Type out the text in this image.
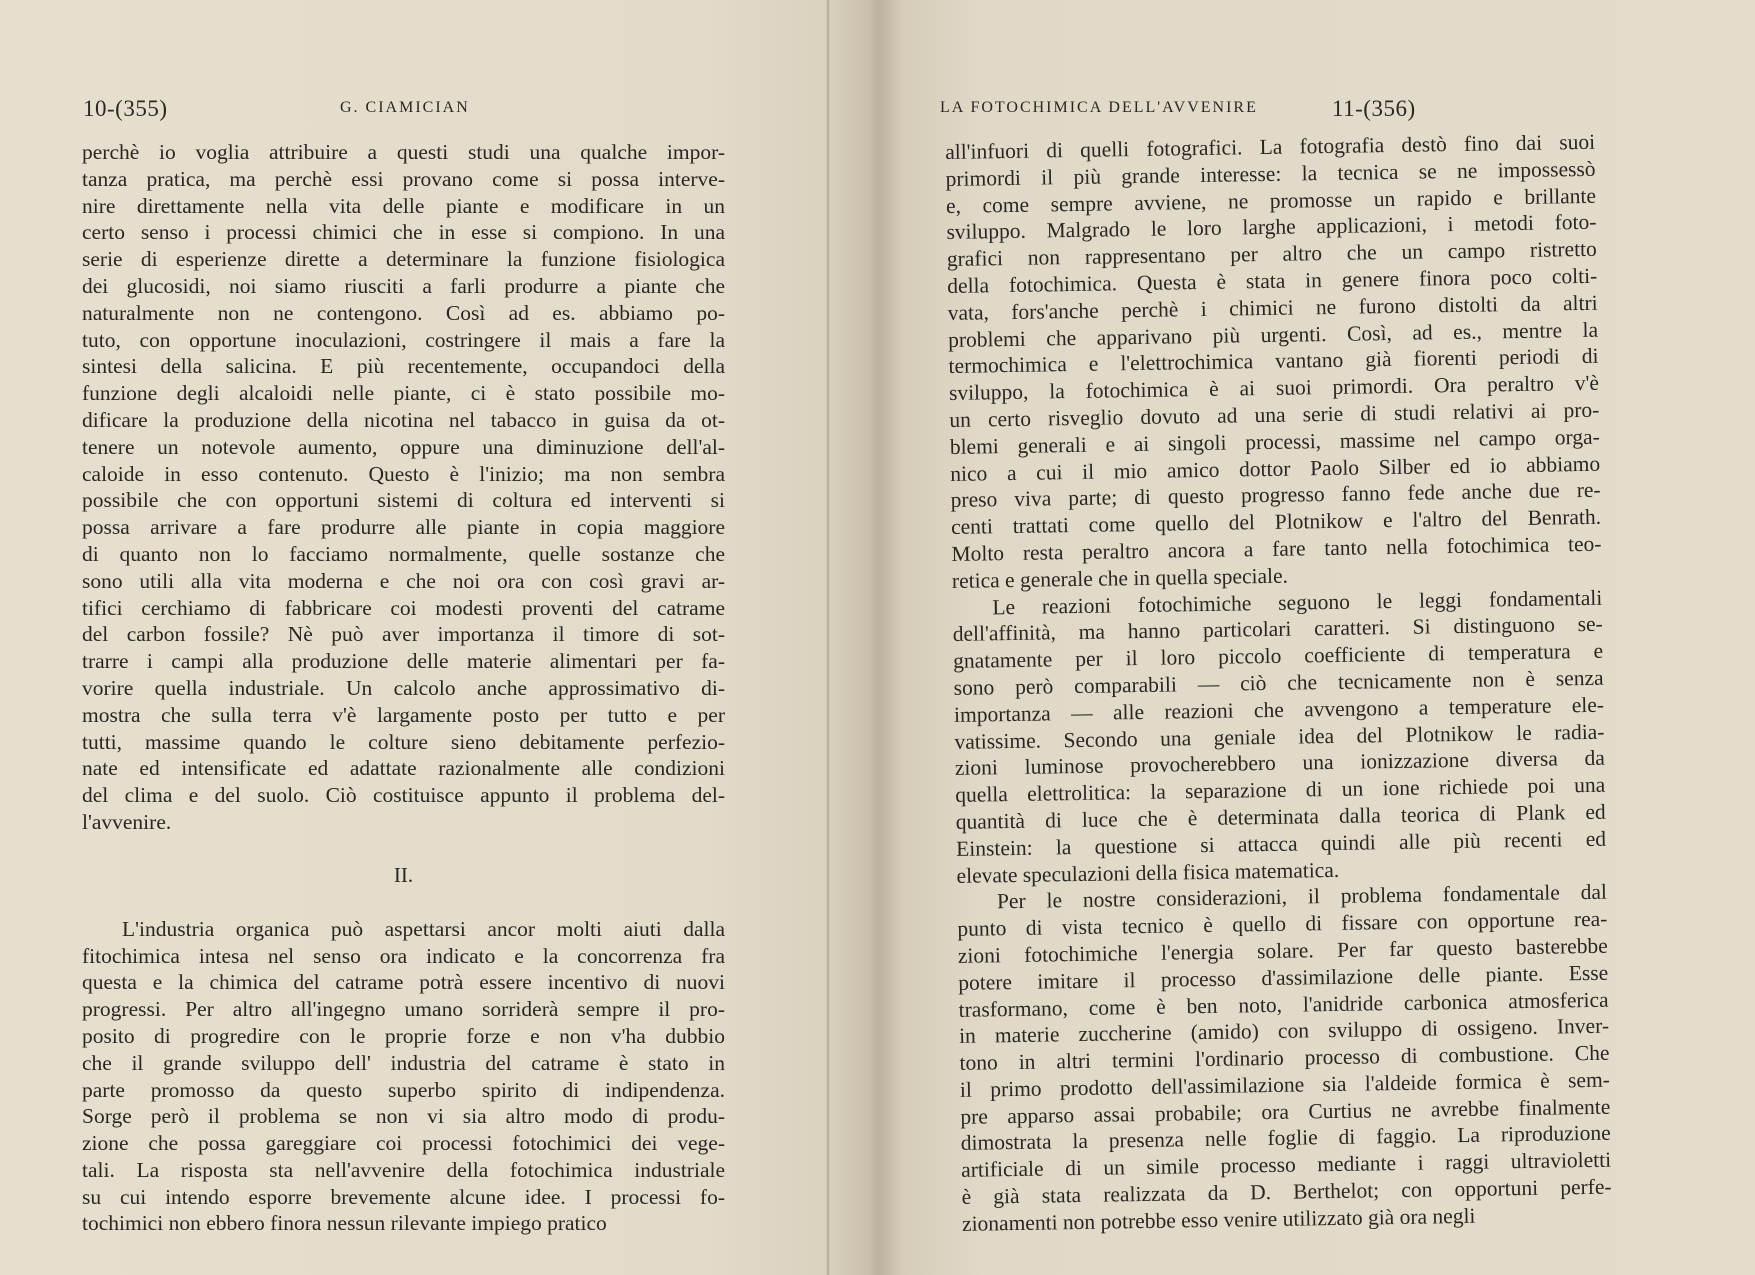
10-(355)	G. CIAMICIAN
perchè io voglia attribuire a questi studi una qualche impor-
tanza pratica, ma perchè essi provano come si possa interve-
nire direttamente nella vita delle piante e modificare in un
certo senso i processi chimici che in esse si compiono. In una
serie di esperienze dirette a determinare la funzione fisiologica
dei glucosidi, noi siamo riusciti a farli produrre a piante che
naturalmente non ne contengono. Così ad es. abbiamo po-
tuto, con opportune inoculazioni, costringere il mais a fare la
sintesi della salicina. E più recentemente, occupandoci della
funzione degli alcaloidi nelle piante, ci è stato possibile mo-
dificare la produzione della nicotina nel tabacco in guisa da ot-
tenere un notevole aumento, oppure una diminuzione dell'al-
caloide in esso contenuto. Questo è l'inizio; ma non sembra
possibile che con opportuni sistemi di coltura ed interventi si
possa arrivare a fare produrre alle piante in copia maggiore
di quanto non lo facciamo normalmente, quelle sostanze che
sono utili alla vita moderna e che noi ora con così gravi ar-
tifici cerchiamo di fabbricare coi modesti proventi del catrame
del carbon fossile? Nè può aver importanza il timore di sot-
trarre i campi alla produzione delle materie alimentari per fa-
vorire quella industriale. Un calcolo anche approssimativo di-
mostra che sulla terra v'è largamente posto per tutto e per
tutti, massime quando le colture sieno debitamente perfezio-
nate ed intensificate ed adattate razionalmente alle condizioni
del clima e del suolo. Ciò costituisce appunto il problema del-
l'avvenire.
II.
L'industria organica può aspettarsi ancor molti aiuti dalla
fitochimica intesa nel senso ora indicato e la concorrenza fra
questa e la chimica del catrame potrà essere incentivo di nuovi
progressi. Per altro all'ingegno umano sorriderà sempre il pro-
posito di progredire con le proprie forze e non v'ha dubbio
che il grande sviluppo dell' industria del catrame è stato in
parte promosso da questo superbo spirito di indipendenza.
Sorge però il problema se non vi sia altro modo di produ-
zione che possa gareggiare coi processi fotochimici dei vege-
tali. La risposta sta nell'avvenire della fotochimica industriale
su cui intendo esporre brevemente alcune idee. I processi fo-
tochimici non ebbero finora nessun rilevante impiego pratico
LA FOTOCHIMICA DELL'AVVENIRE	11-(356)
all'infuori di quelli fotografici. La fotografia destò fino dai suoi
primordi il più grande interesse: la tecnica se ne impossessò
e, come sempre avviene, ne promosse un rapido e brillante
sviluppo. Malgrado le loro larghe applicazioni, i metodi foto-
grafici non rappresentano per altro che un campo ristretto
della fotochimica. Questa è stata in genere finora poco colti-
vata, fors'anche perchè i chimici ne furono distolti da altri
problemi che apparivano più urgenti. Così, ad es., mentre la
termochimica e l'elettrochimica vantano già fiorenti periodi di
sviluppo, la fotochimica è ai suoi primordi. Ora peraltro v'è
un certo risveglio dovuto ad una serie di studi relativi ai pro-
blemi generali e ai singoli processi, massime nel campo orga-
nico a cui il mio amico dottor Paolo Silber ed io abbiamo
preso viva parte; di questo progresso fanno fede anche due re-
centi trattati come quello del Plotnikow e l'altro del Benrath.
Molto resta peraltro ancora a fare tanto nella fotochimica teo-
retica e generale che in quella speciale.
Le reazioni fotochimiche seguono le leggi fondamentali
dell'affinità, ma hanno particolari caratteri. Si distinguono se-
gnatamente per il loro piccolo coefficiente di temperatura e
sono però comparabili — ciò che tecnicamente non è senza
importanza — alle reazioni che avvengono a temperature ele-
vatissime. Secondo una geniale idea del Plotnikow le radia-
zioni luminose provocherebbero una ionizzazione diversa da
quella elettrolitica: la separazione di un ione richiede poi una
quantità di luce che è determinata dalla teorica di Plank ed
Einstein: la questione si attacca quindi alle più recenti ed
elevate speculazioni della fisica matematica.
Per le nostre considerazioni, il problema fondamentale dal
punto di vista tecnico è quello di fissare con opportune rea-
zioni fotochimiche l'energia solare. Per far questo basterebbe
potere imitare il processo d'assimilazione delle piante. Esse
trasformano, come è ben noto, l'anidride carbonica atmosferica
in materie zuccherine (amido) con sviluppo di ossigeno. Inver-
tono in altri termini l'ordinario processo di combustione. Che
il primo prodotto dell'assimilazione sia l'aldeide formica è sem-
pre apparso assai probabile; ora Curtius ne avrebbe finalmente
dimostrata la presenza nelle foglie di faggio. La riproduzione
artificiale di un simile processo mediante i raggi ultravioletti
è già stata realizzata da D. Berthelot; con opportuni perfe-
zionamenti non potrebbe esso venire utilizzato già ora negli
